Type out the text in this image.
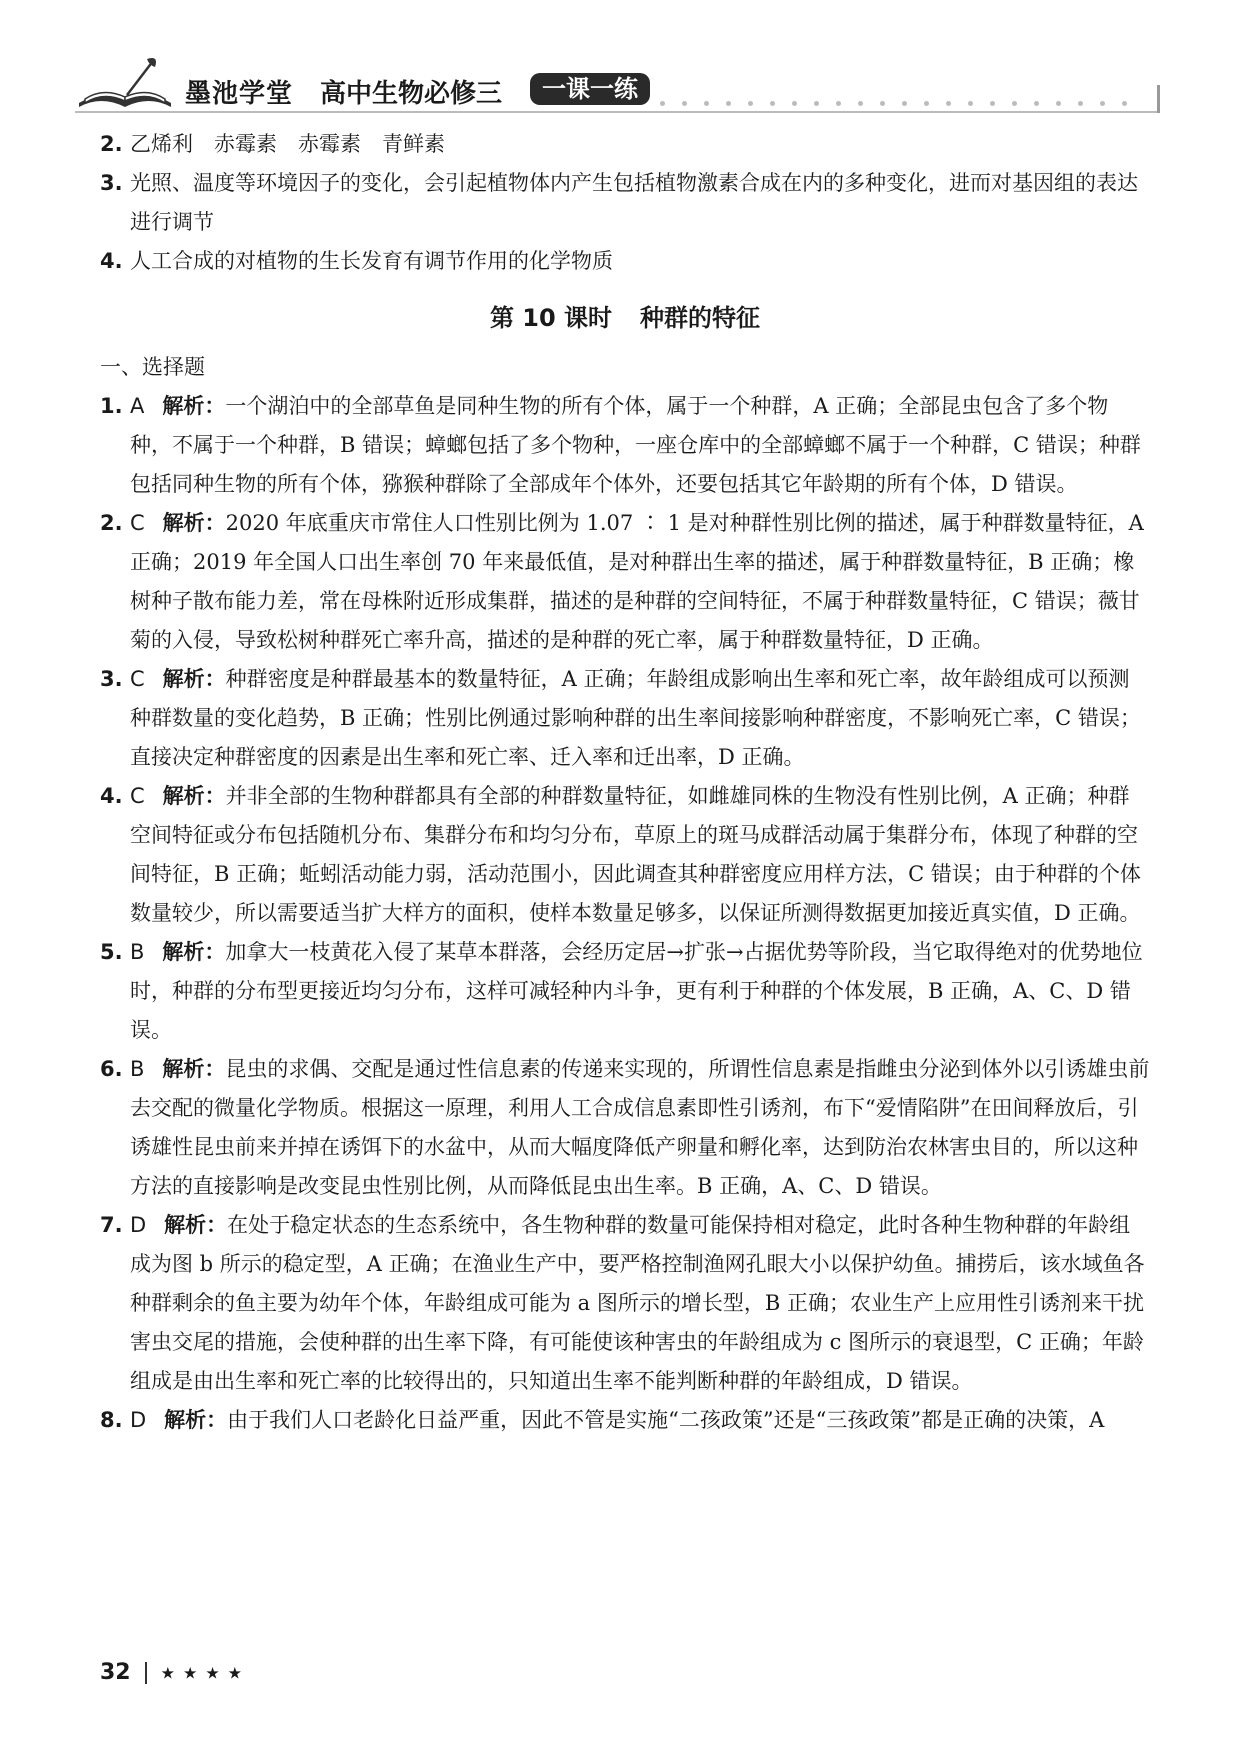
墨池学堂 高中生物必修三	一课一练
2. 乙烯利　赤霉素　赤霉素　青鲜素
3. 光照、温度等环境因子的变化，会引起植物体内产生包括植物激素合成在内的多种变化，进而对基因组的表达进行调节
4. 人工合成的对植物的生长发育有调节作用的化学物质
第 10 课时 种群的特征
一、选择题
1. A 解析：一个湖泊中的全部草鱼是同种生物的所有个体，属于一个种群，A 正确；全部昆虫包含了多个物种，不属于一个种群，B 错误；蟑螂包括了多个物种，一座仓库中的全部蟑螂不属于一个种群，C 错误；种群包括同种生物的所有个体，猕猴种群除了全部成年个体外，还要包括其它年龄期的所有个体，D 错误。
2. C 解析：2020 年底重庆市常住人口性别比例为 1.07 ∶ 1 是对种群性别比例的描述，属于种群数量特征，A 正确；2019 年全国人口出生率创 70 年来最低值，是对种群出生率的描述，属于种群数量特征，B 正确；橡树种子散布能力差，常在母株附近形成集群，描述的是种群的空间特征，不属于种群数量特征，C 错误；薇甘菊的入侵，导致松树种群死亡率升高，描述的是种群的死亡率，属于种群数量特征，D 正确。
3. C 解析：种群密度是种群最基本的数量特征，A 正确；年龄组成影响出生率和死亡率，故年龄组成可以预测种群数量的变化趋势，B 正确；性别比例通过影响种群的出生率间接影响种群密度，不影响死亡率，C 错误；直接决定种群密度的因素是出生率和死亡率、迁入率和迁出率，D 正确。
4. C 解析：并非全部的生物种群都具有全部的种群数量特征，如雌雄同株的生物没有性别比例，A 正确；种群空间特征或分布包括随机分布、集群分布和均匀分布，草原上的斑马成群活动属于集群分布，体现了种群的空间特征，B 正确；蚯蚓活动能力弱，活动范围小，因此调查其种群密度应用样方法，C 错误；由于种群的个体数量较少，所以需要适当扩大样方的面积，使样本数量足够多，以保证所测得数据更加接近真实值，D 正确。
5. B 解析：加拿大一枝黄花入侵了某草本群落，会经历定居→扩张→占据优势等阶段，当它取得绝对的优势地位时，种群的分布型更接近均匀分布，这样可减轻种内斗争，更有利于种群的个体发展，B 正确，A、C、D 错误。
6. B 解析：昆虫的求偶、交配是通过性信息素的传递来实现的，所谓性信息素是指雌虫分泌到体外以引诱雄虫前去交配的微量化学物质。根据这一原理，利用人工合成信息素即性引诱剂，布下“爱情陷阱”在田间释放后，引诱雄性昆虫前来并掉在诱饵下的水盆中，从而大幅度降低产卵量和孵化率，达到防治农林害虫目的，所以这种方法的直接影响是改变昆虫性别比例，从而降低昆虫出生率。B 正确，A、C、D 错误。
7. D 解析：在处于稳定状态的生态系统中，各生物种群的数量可能保持相对稳定，此时各种生物种群的年龄组成为图 b 所示的稳定型，A 正确；在渔业生产中，要严格控制渔网孔眼大小以保护幼鱼。捕捞后，该水域鱼各种群剩余的鱼主要为幼年个体，年龄组成可能为 a 图所示的增长型，B 正确；农业生产上应用性引诱剂来干扰害虫交尾的措施，会使种群的出生率下降，有可能使该种害虫的年龄组成为 c 图所示的衰退型，C 正确；年龄组成是由出生率和死亡率的比较得出的，只知道出生率不能判断种群的年龄组成，D 错误。
8. D 解析：由于我们人口老龄化日益严重，因此不管是实施“二孩政策”还是“三孩政策”都是正确的决策，A
32 ★★★★
